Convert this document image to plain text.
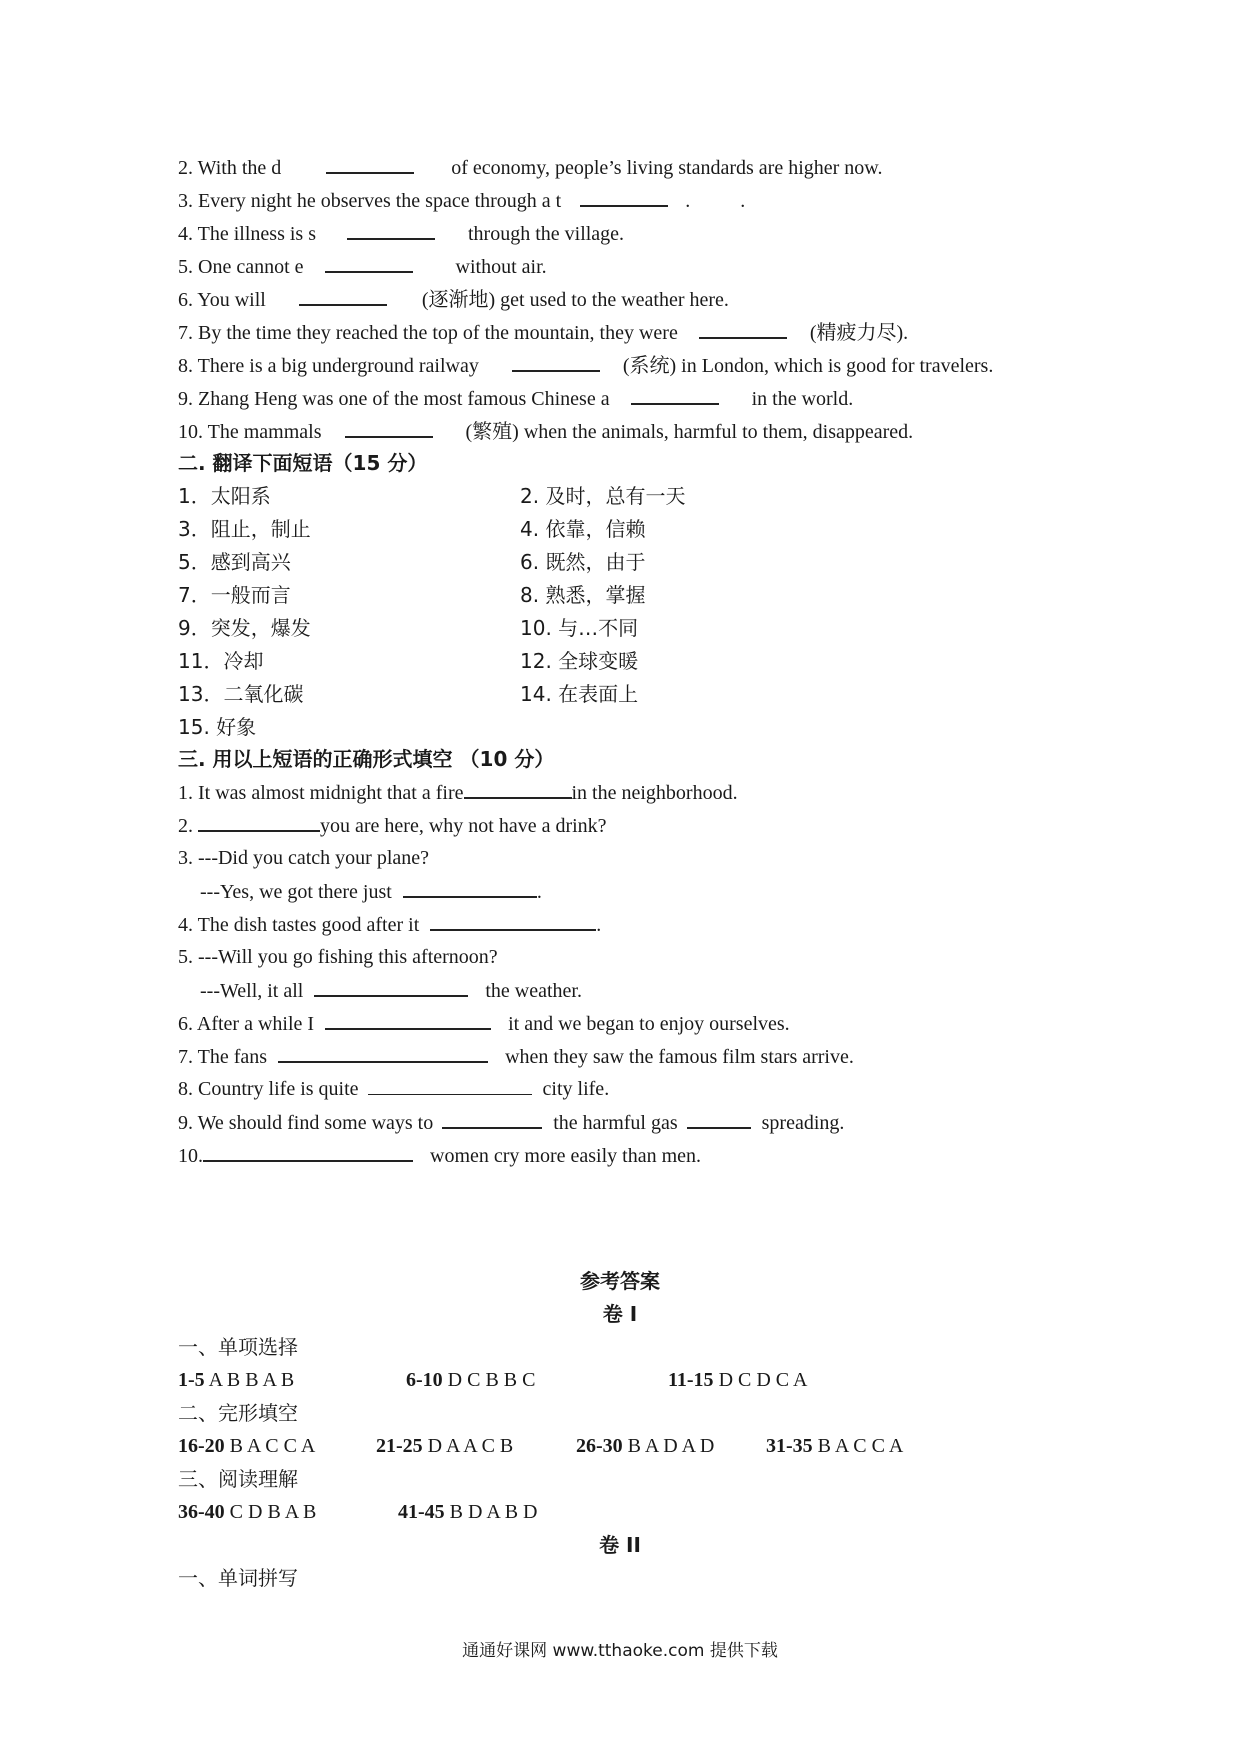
2. With the d	of economy, people’s living standards are higher now.
3. Every night he observes the space through a t	.          .
4. The illness is s	through the village.
5. One cannot e	without air.
6. You will	(逐渐地) get used to the weather here.
7. By the time they reached the top of the mountain, they were	(精疲力尽).
8. There is a big underground railway	(系统) in London, which is good for travelers.
9. Zhang Heng was one of the most famous Chinese a	in the world.
10. The mammals	(繁殖) when the animals, harmful to them, disappeared.
二. 翻译下面短语（15 分）
1．太阳系	2. 及时，总有一天
3．阻止，制止	4. 依靠，信赖
5．感到高兴	6. 既然，由于
7．一般而言	8. 熟悉，掌握
9．突发，爆发	10. 与…不同
11．冷却	12. 全球变暖
13．二氧化碳	14. 在表面上
15. 好象
三. 用以上短语的正确形式填空 （10 分）
1. It was almost midnight that a fire	in the neighborhood.
2.	you are here, why not have a drink?
3. ---Did you catch your plane?
---Yes, we got there just	.
4. The dish tastes good after it	.
5. ---Will you go fishing this afternoon?
---Well, it all	the weather.
6. After a while I	it and we began to enjoy ourselves.
7. The fans	when they saw the famous film stars arrive.
8. Country life is quite	city life.
9. We should find some ways to	the harmful gas	spreading.
10.	women cry more easily than men.
参考答案
卷 I
一、单项选择
1-5 A B B A B	6-10 D C B B C	11-15 D C D C A
二、完形填空
16-20 B A C C A	21-25 D A A C B	26-30 B A D A D	31-35 B A C C A
三、阅读理解
36-40 C D B A B	41-45 B D A B D
卷 II
一、单词拼写
通通好课网 www.tthaoke.com 提供下载
